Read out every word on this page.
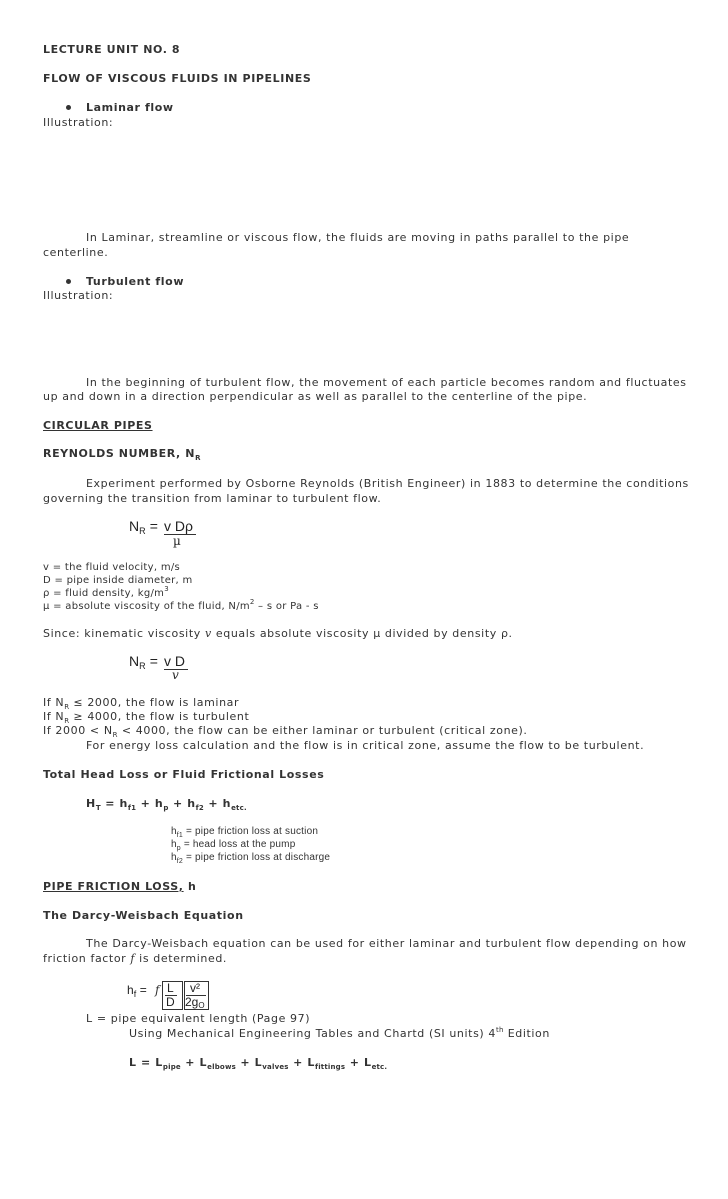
LECTURE UNIT NO. 8
FLOW OF VISCOUS FLUIDS IN PIPELINES
Laminar flow
Illustration:
In Laminar, streamline or viscous flow, the fluids are moving in paths parallel to the pipe
centerline.
Turbulent flow
Illustration:
In the beginning of turbulent flow, the movement of each particle becomes random and fluctuates
up and down in a direction perpendicular as well as parallel to the centerline of the pipe.
CIRCULAR PIPES
REYNOLDS NUMBER, $N_R$
Experiment performed by Osborne Reynolds (British Engineer) in 1883 to determine the conditions
governing the transition from laminar to turbulent flow.
$N_R = v$ Dρ
µ
v = the fluid velocity, m/s
D = pipe inside diameter, m
ρ = fluid density, $kg/m^3$
µ = absolute viscosity of the fluid, $N/m^2$ – s or Pa - s
Since: kinematic viscosity v equals absolute viscosity µ divided by density ρ.
$N_R = v$ D
v
If $N_R \le 2000$, the flow is laminar
If $N_R \ge 4000$, the flow is turbulent
If $2000 < N_R < 4000$, the flow can be either laminar or turbulent (critical zone).
For energy loss calculation and the flow is in critical zone, assume the flow to be turbulent.
Total Head Loss or Fluid Frictional Losses
$H_T = h_{f1} + h_p + h_{f2} + h_{etc.}$
$h_{f1}$ = pipe friction loss at suction
$h_p$ = head loss at the pump
$h_{f2}$ = pipe friction loss at discharge
PIPE FRICTION LOSS, h
The Darcy-Weisbach Equation
The Darcy-Weisbach equation can be used for either laminar and turbulent flow depending on how
friction factor f is determined.
$h_f = f$ L
D
v²
2gO
L = pipe equivalent length (Page 97)
Using Mechanical Engineering Tables and Chartd (SI units) 4th Edition
$L = L_{pipe} + L_{elbows} + L_{valves} + L_{fittings} + L_{etc.}$
